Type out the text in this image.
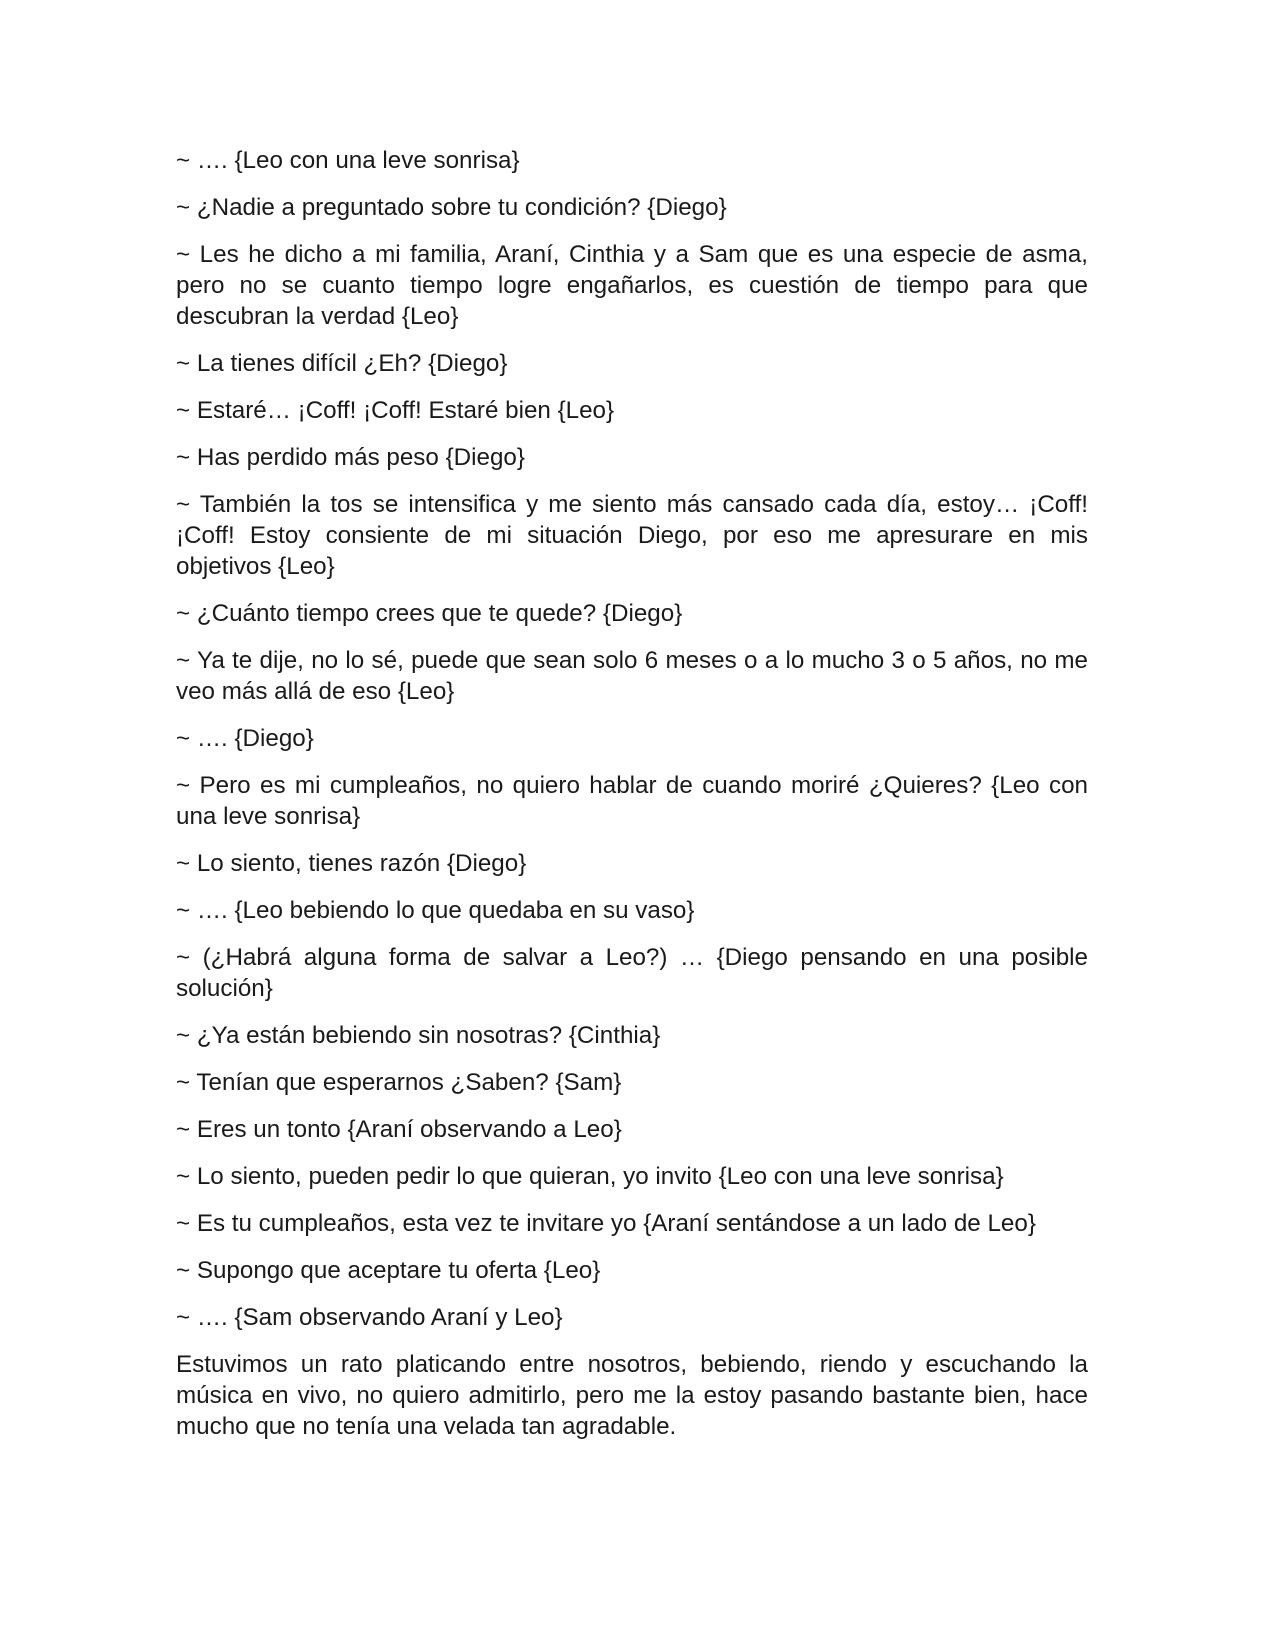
~ …. {Leo con una leve sonrisa}

~ ¿Nadie a preguntado sobre tu condición? {Diego}

~ Les he dicho a mi familia, Araní, Cinthia y a Sam que es una especie de asma, pero no se cuanto tiempo logre engañarlos, es cuestión de tiempo para que descubran la verdad {Leo}

~ La tienes difícil ¿Eh? {Diego}

~ Estaré… ¡Coff! ¡Coff! Estaré bien {Leo}

~ Has perdido más peso {Diego}

~ También la tos se intensifica y me siento más cansado cada día, estoy… ¡Coff! ¡Coff! Estoy consiente de mi situación Diego, por eso me apresurare en mis objetivos {Leo}

~ ¿Cuánto tiempo crees que te quede? {Diego}

~ Ya te dije, no lo sé, puede que sean solo 6 meses o a lo mucho 3 o 5 años, no me veo más allá de eso {Leo}

~ …. {Diego}

~ Pero es mi cumpleaños, no quiero hablar de cuando moriré ¿Quieres? {Leo con una leve sonrisa}

~ Lo siento, tienes razón {Diego}

~ …. {Leo bebiendo lo que quedaba en su vaso}

~ (¿Habrá alguna forma de salvar a Leo?) … {Diego pensando en una posible solución}

~ ¿Ya están bebiendo sin nosotras? {Cinthia}

~ Tenían que esperarnos ¿Saben? {Sam}

~ Eres un tonto {Araní observando a Leo}

~ Lo siento, pueden pedir lo que quieran, yo invito {Leo con una leve sonrisa}

~ Es tu cumpleaños, esta vez te invitare yo {Araní sentándose a un lado de Leo}

~ Supongo que aceptare tu oferta {Leo}

~ …. {Sam observando Araní y Leo}

Estuvimos un rato platicando entre nosotros, bebiendo, riendo y escuchando la música en vivo, no quiero admitirlo, pero me la estoy pasando bastante bien, hace mucho que no tenía una velada tan agradable.
